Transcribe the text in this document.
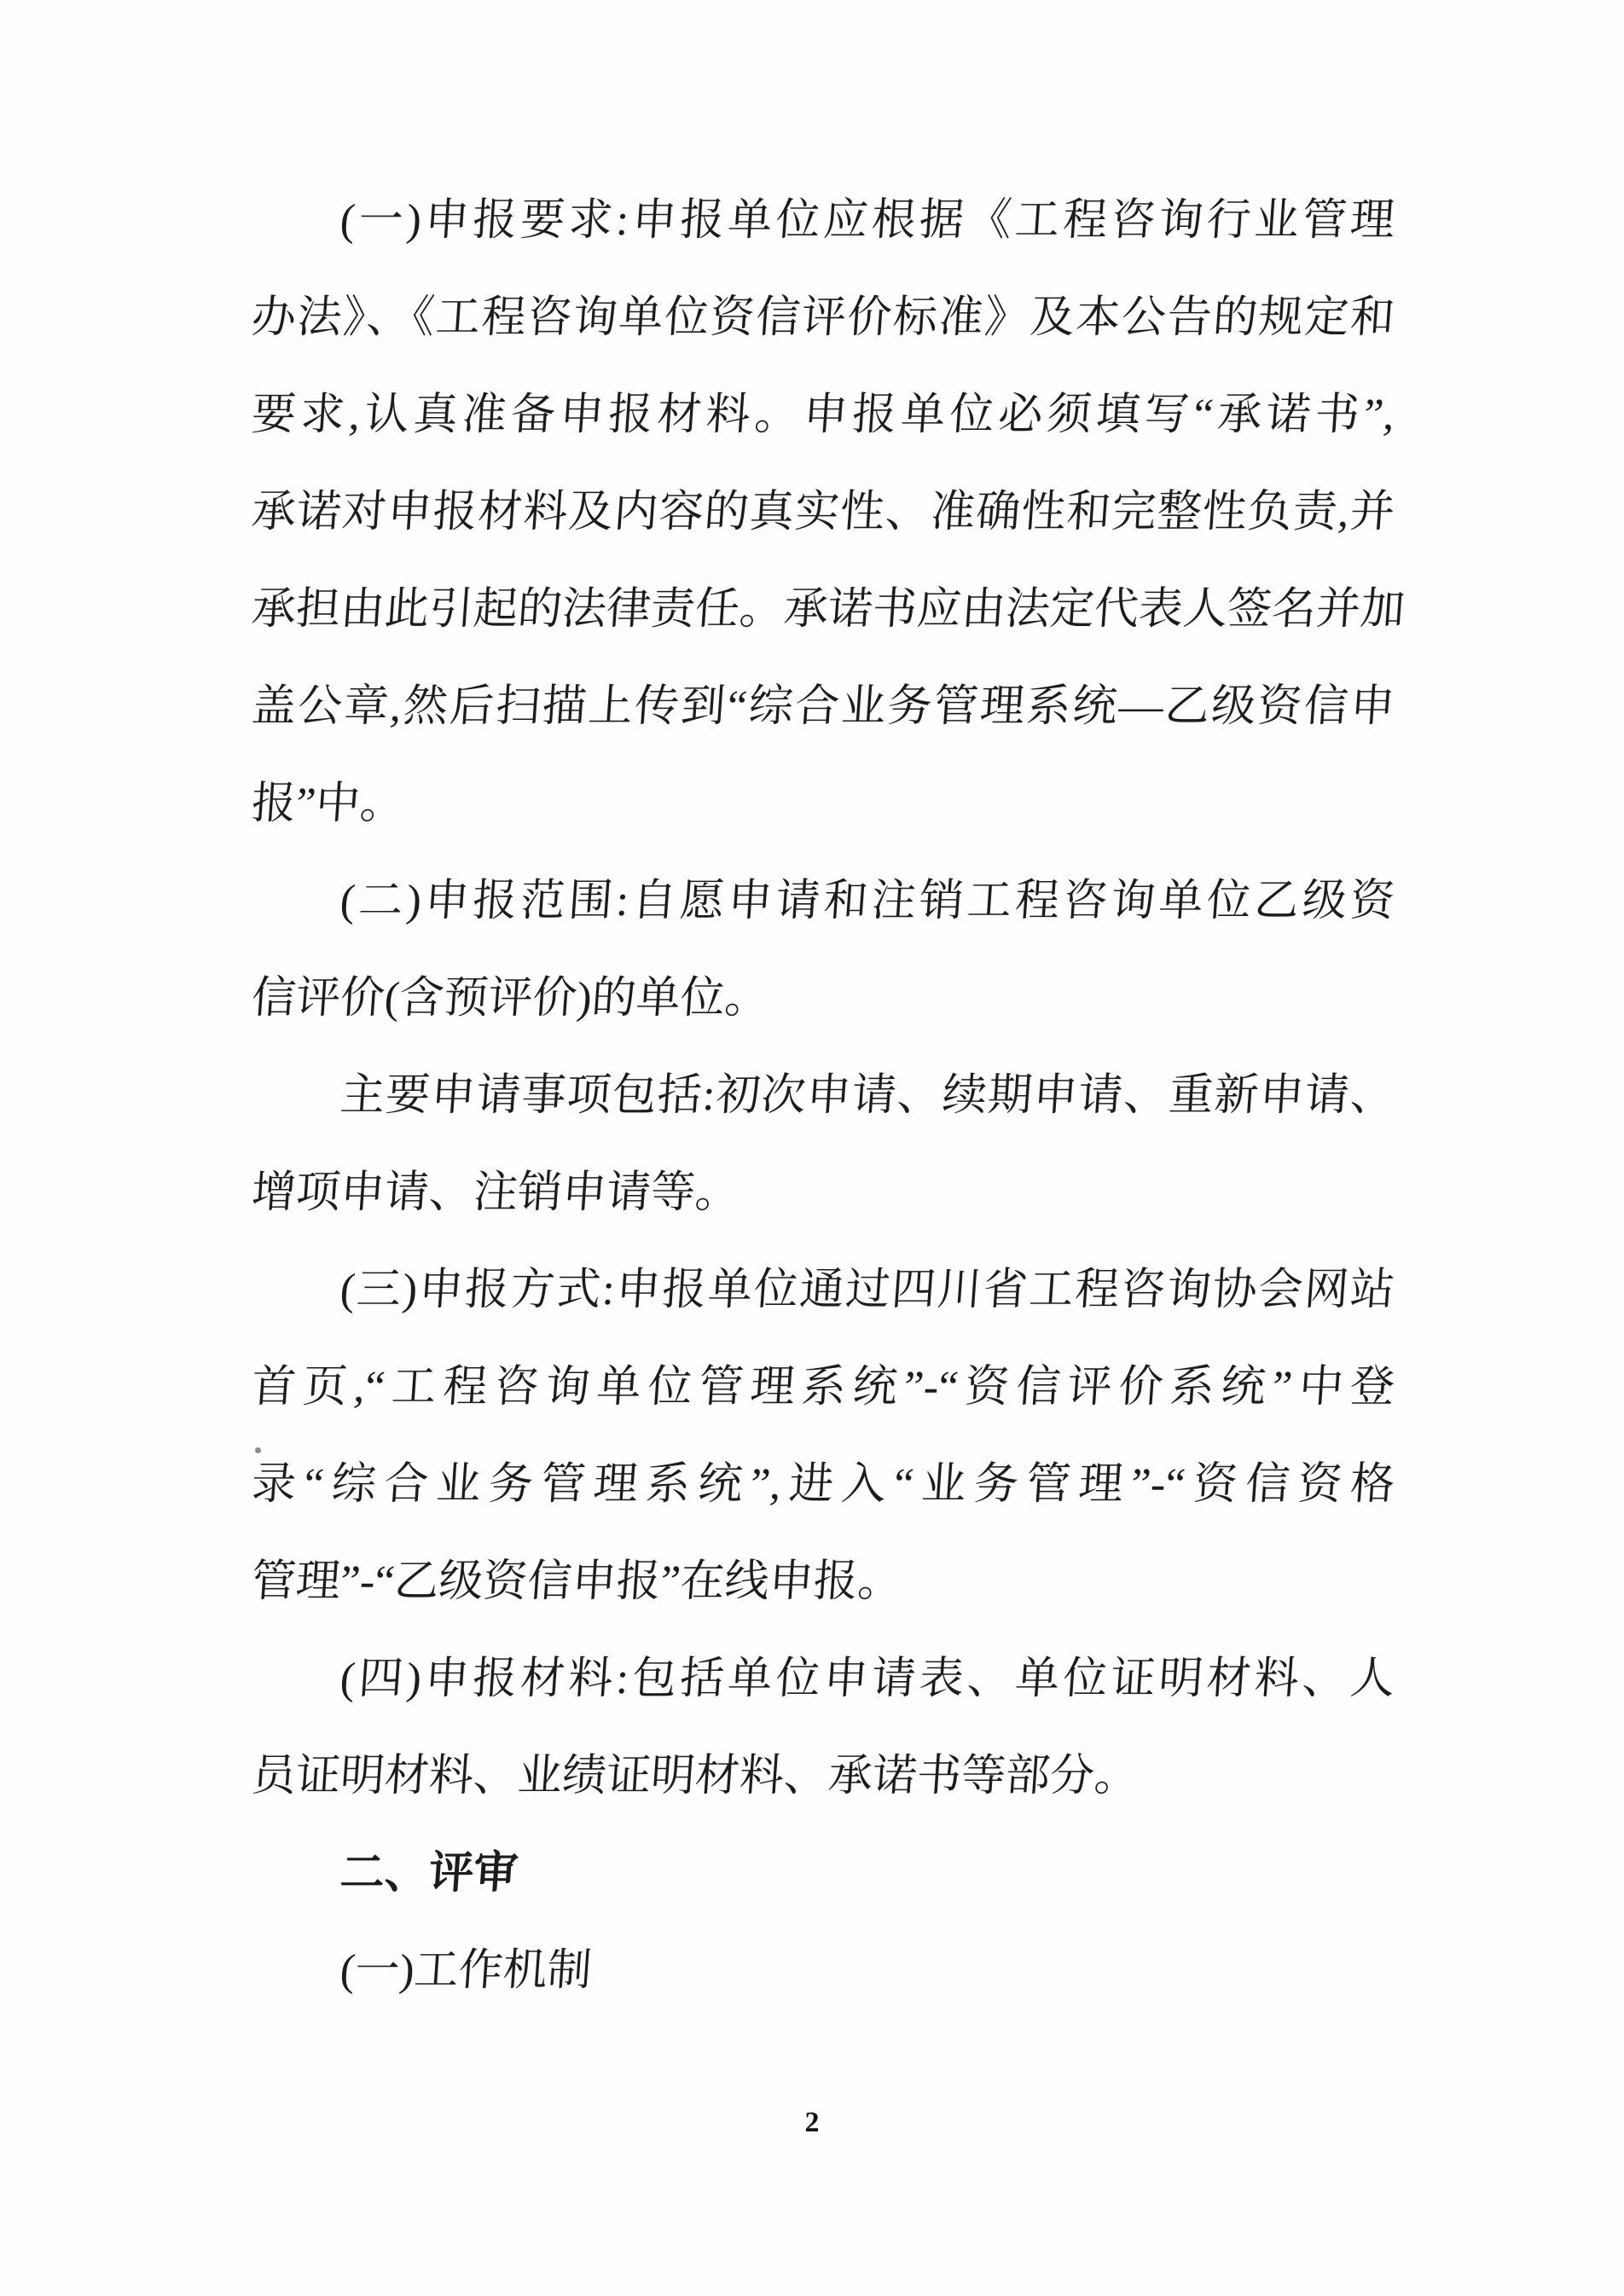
(一)申报要求:申报单位应根据《工程咨询行业管理
办法》、《工程咨询单位资信评价标准》及本公告的规定和
要求,认真准备申报材料。申报单位必须填写“承诺书”,
承诺对申报材料及内容的真实性、准确性和完整性负责,并
承担由此引起的法律责任。承诺书应由法定代表人签名并加
盖公章,然后扫描上传到“综合业务管理系统—乙级资信申
报”中。
(二)申报范围:自愿申请和注销工程咨询单位乙级资
信评价(含预评价)的单位。
主要申请事项包括:初次申请、续期申请、重新申请、
增项申请、注销申请等。
(三)申报方式:申报单位通过四川省工程咨询协会网站
首页,“工程咨询单位管理系统”-“资信评价系统”中登
录“综合业务管理系统”,进入“业务管理”-“资信资格
管理”-“乙级资信申报”在线申报。
(四)申报材料:包括单位申请表、单位证明材料、人
员证明材料、业绩证明材料、承诺书等部分。
二、评审
(一)工作机制
2
